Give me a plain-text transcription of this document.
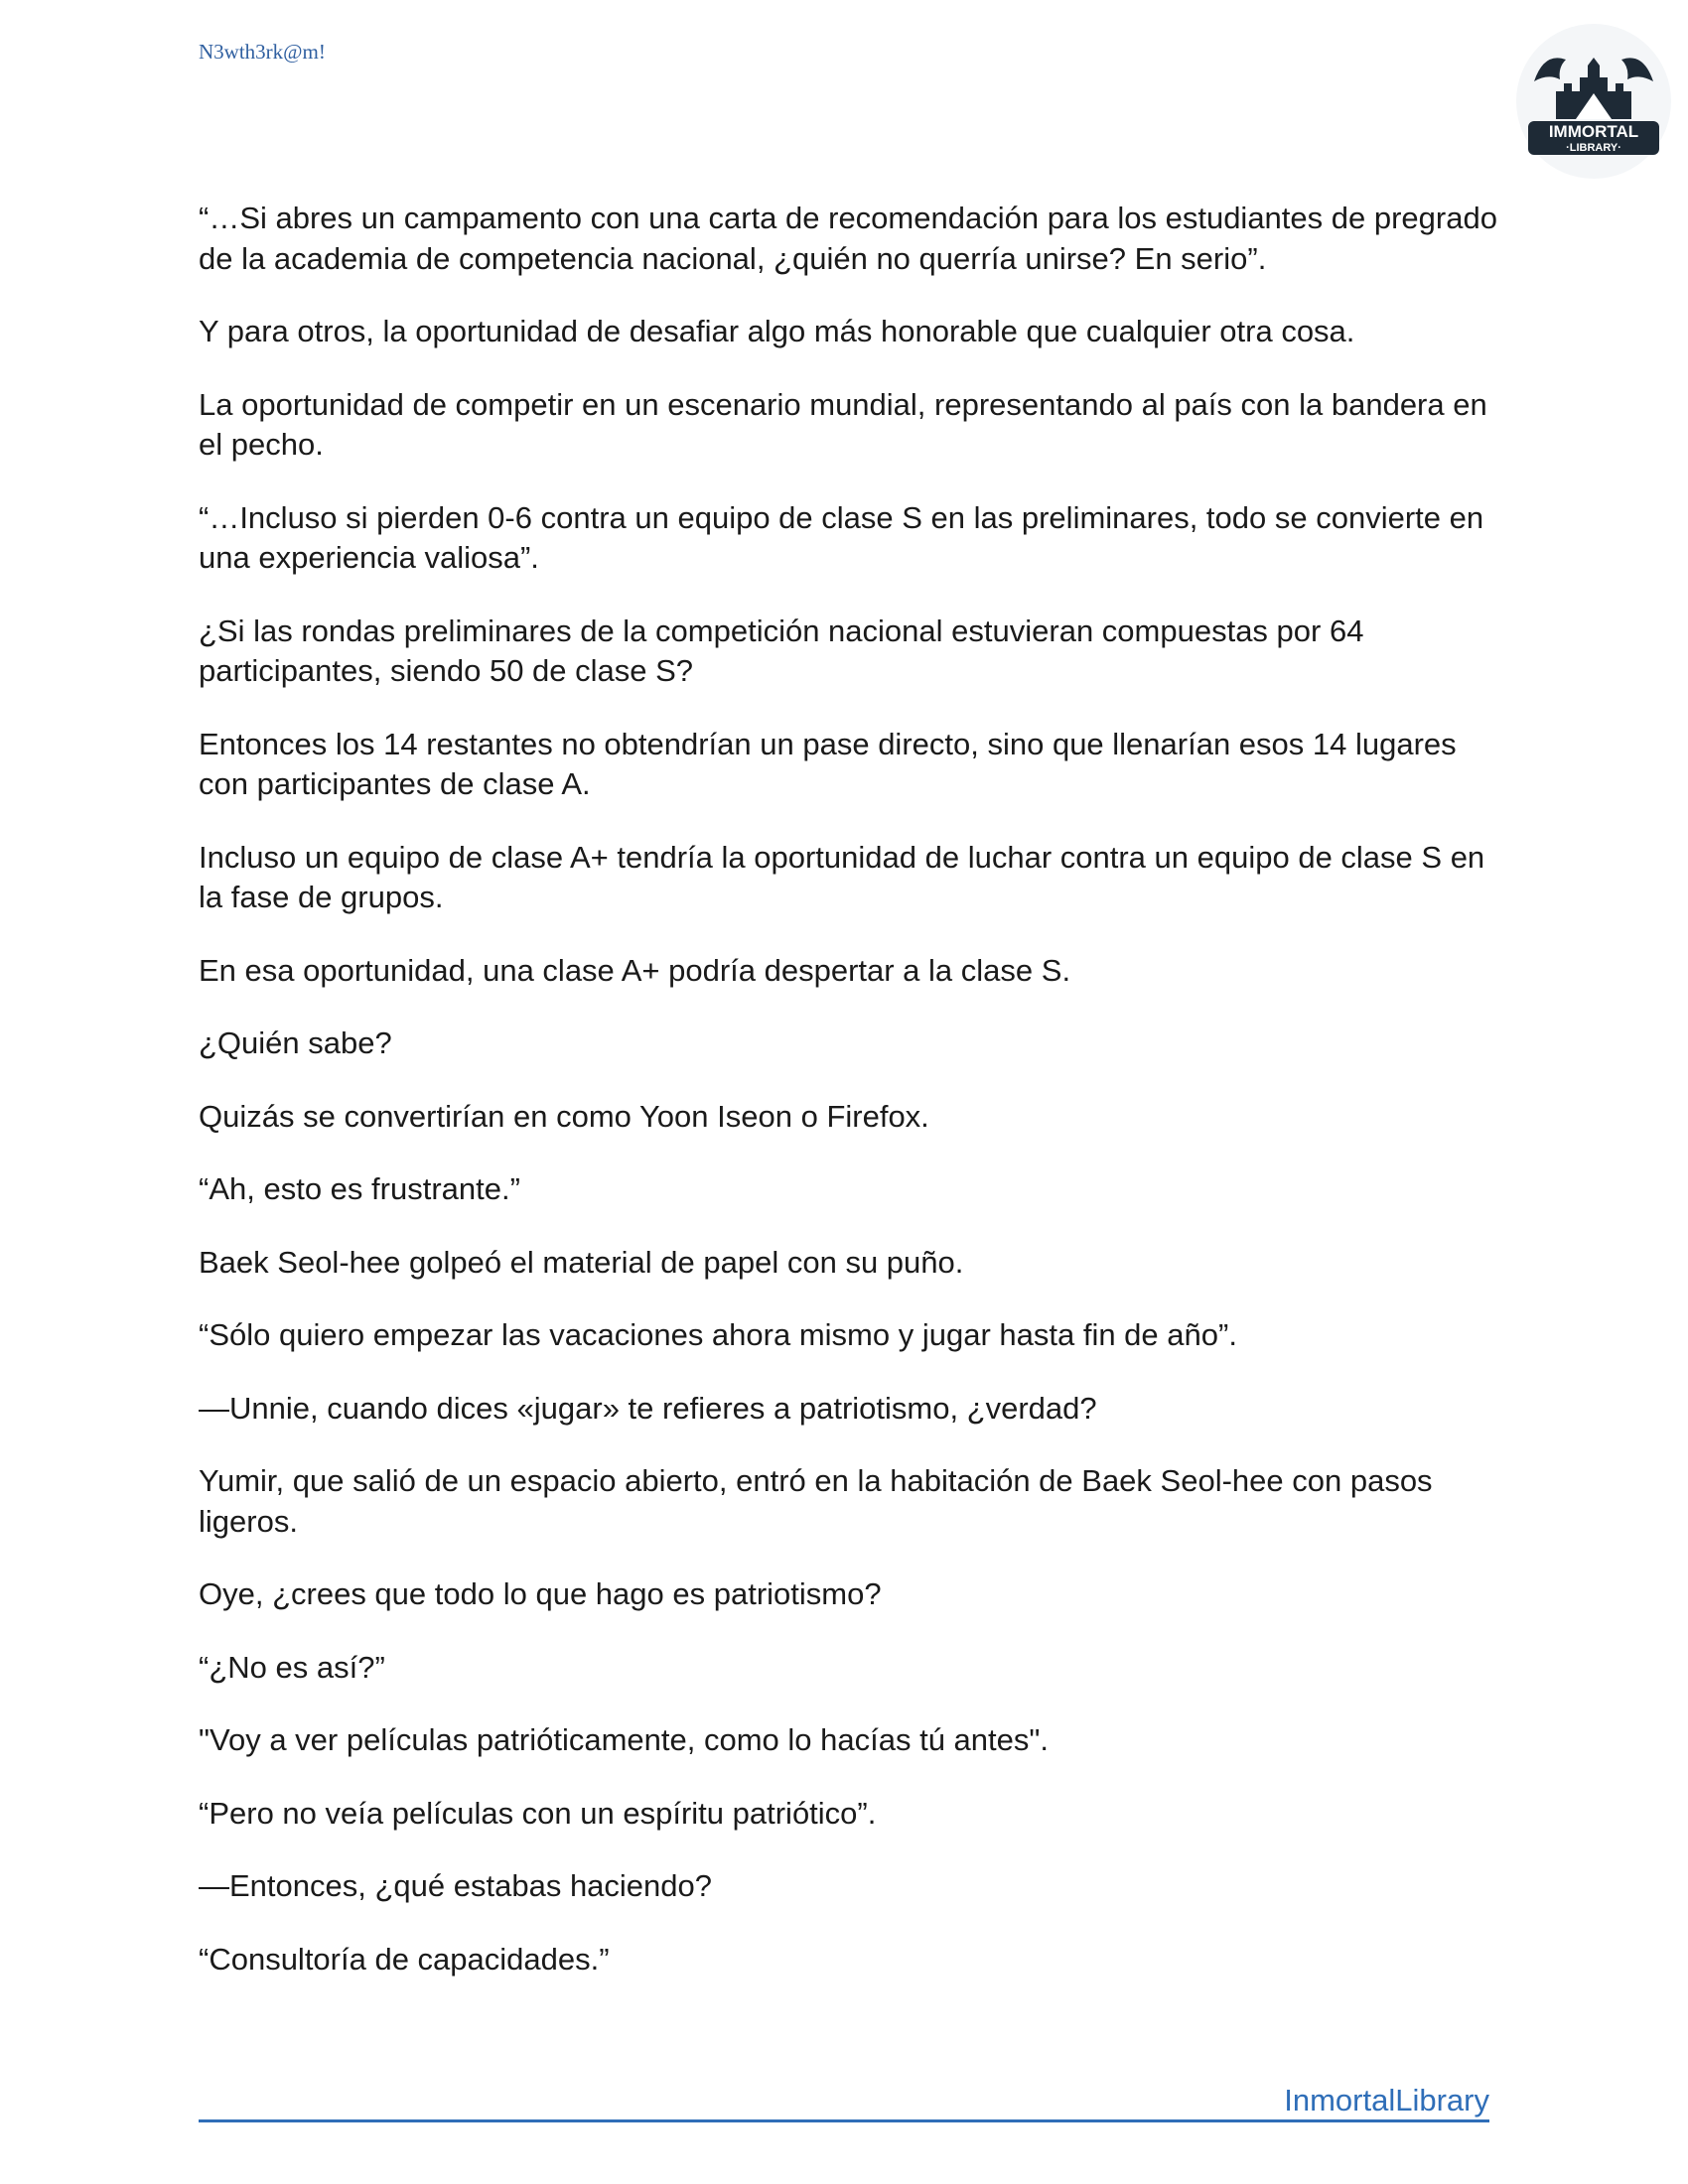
N3wth3rk@m!
IMMORTAL
·LIBRARY·

“…Si abres un campamento con una carta de recomendación para los estudiantes de pregrado de la academia de competencia nacional, ¿quién no querría unirse? En serio”.

Y para otros, la oportunidad de desafiar algo más honorable que cualquier otra cosa.

La oportunidad de competir en un escenario mundial, representando al país con la bandera en el pecho.

“…Incluso si pierden 0-6 contra un equipo de clase S en las preliminares, todo se convierte en una experiencia valiosa”.

¿Si las rondas preliminares de la competición nacional estuvieran compuestas por 64 participantes, siendo 50 de clase S?

Entonces los 14 restantes no obtendrían un pase directo, sino que llenarían esos 14 lugares con participantes de clase A.

Incluso un equipo de clase A+ tendría la oportunidad de luchar contra un equipo de clase S en la fase de grupos.

En esa oportunidad, una clase A+ podría despertar a la clase S.

¿Quién sabe?

Quizás se convertirían en como Yoon Iseon o Firefox.

“Ah, esto es frustrante.”

Baek Seol-hee golpeó el material de papel con su puño.

“Sólo quiero empezar las vacaciones ahora mismo y jugar hasta fin de año”.

—Unnie, cuando dices «jugar» te refieres a patriotismo, ¿verdad?

Yumir, que salió de un espacio abierto, entró en la habitación de Baek Seol-hee con pasos ligeros.

Oye, ¿crees que todo lo que hago es patriotismo?

“¿No es así?”

"Voy a ver películas patrióticamente, como lo hacías tú antes".

“Pero no veía películas con un espíritu patriótico”.

—Entonces, ¿qué estabas haciendo?

“Consultoría de capacidades.”

InmortalLibrary
